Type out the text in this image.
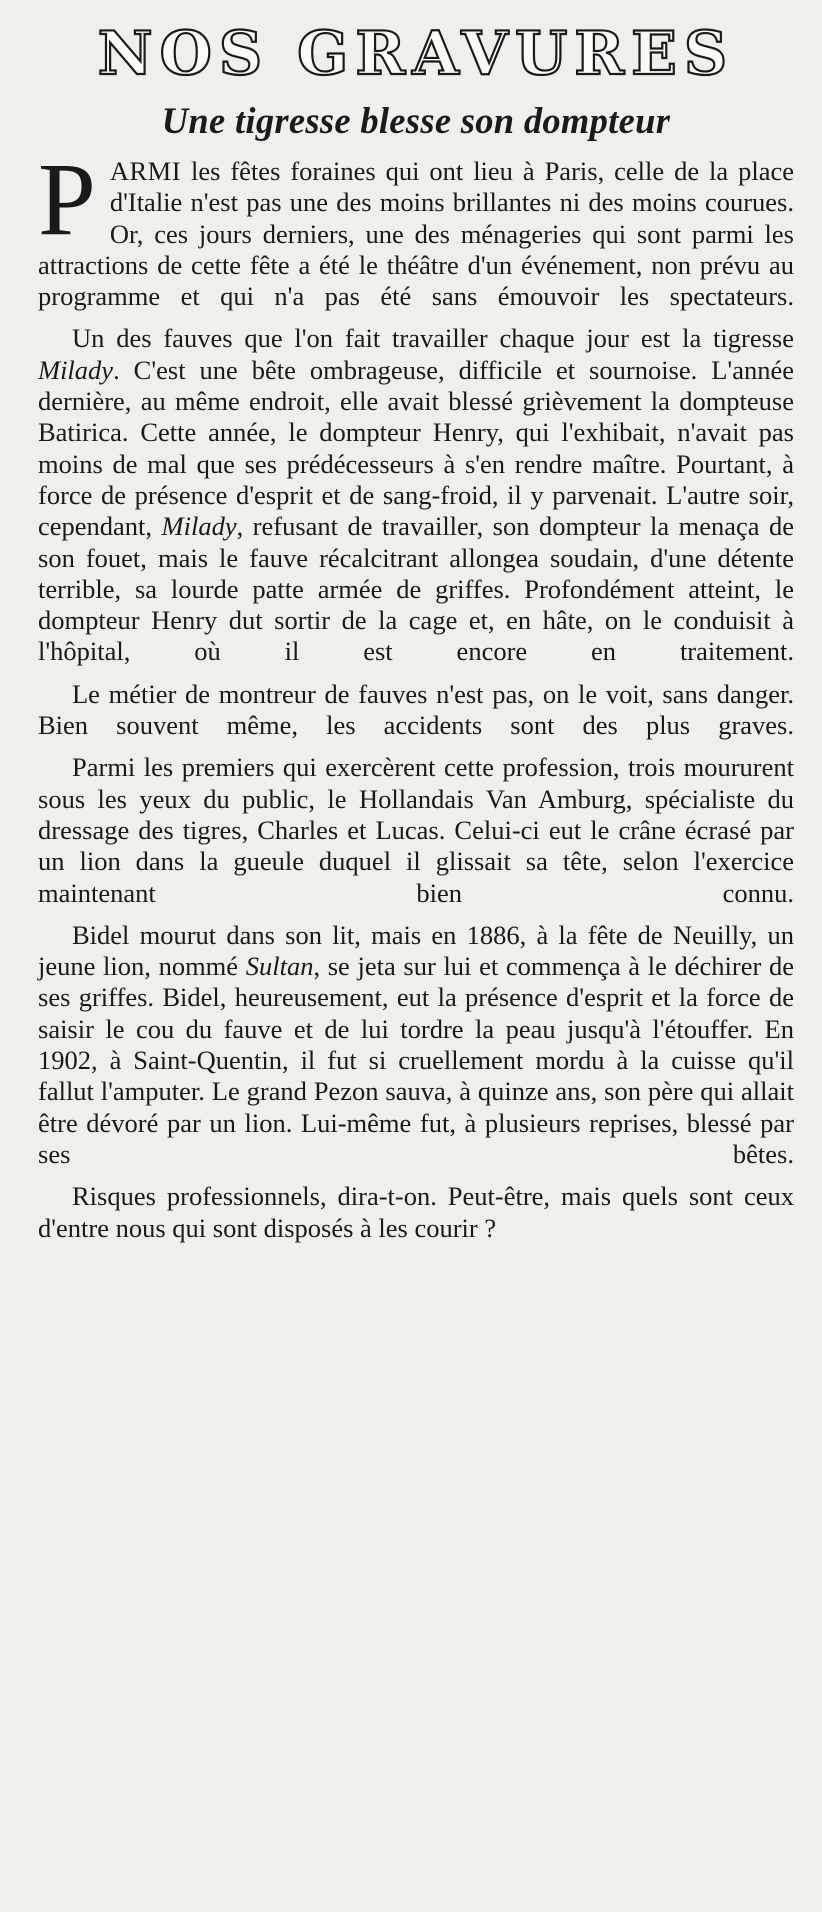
NOS GRAVURES
Une tigresse blesse son dompteur

PARMI les fêtes foraines qui ont lieu à Paris, celle de la place d'Italie n'est pas une des moins brillantes ni des moins courues. Or, ces jours derniers, une des ménageries qui sont parmi les attractions de cette fête a été le théâtre d'un événement, non prévu au programme et qui n'a pas été sans émouvoir les spectateurs.

Un des fauves que l'on fait travailler chaque jour est la tigresse Milady. C'est une bête ombrageuse, difficile et sournoise. L'année dernière, au même endroit, elle avait blessé grièvement la dompteuse Batirica. Cette année, le dompteur Henry, qui l'exhibait, n'avait pas moins de mal que ses prédécesseurs à s'en rendre maître. Pourtant, à force de présence d'esprit et de sang-froid, il y parvenait. L'autre soir, cependant, Milady, refusant de travailler, son dompteur la menaça de son fouet, mais le fauve récalcitrant allongea soudain, d'une détente terrible, sa lourde patte armée de griffes. Profondément atteint, le dompteur Henry dut sortir de la cage et, en hâte, on le conduisit à l'hôpital, où il est encore en traitement.

Le métier de montreur de fauves n'est pas, on le voit, sans danger. Bien souvent même, les accidents sont des plus graves.

Parmi les premiers qui exercèrent cette profession, trois moururent sous les yeux du public, le Hollandais Van Amburg, spécialiste du dressage des tigres, Charles et Lucas. Celui-ci eut le crâne écrasé par un lion dans la gueule duquel il glissait sa tête, selon l'exercice maintenant bien connu.

Bidel mourut dans son lit, mais en 1886, à la fête de Neuilly, un jeune lion, nommé Sultan, se jeta sur lui et commença à le déchirer de ses griffes. Bidel, heureusement, eut la présence d'esprit et la force de saisir le cou du fauve et de lui tordre la peau jusqu'à l'étouffer. En 1902, à Saint-Quentin, il fut si cruellement mordu à la cuisse qu'il fallut l'amputer. Le grand Pezon sauva, à quinze ans, son père qui allait être dévoré par un lion. Lui-même fut, à plusieurs reprises, blessé par ses bêtes.

Risques professionnels, dira-t-on. Peut-être, mais quels sont ceux d'entre nous qui sont disposés à les courir ?
